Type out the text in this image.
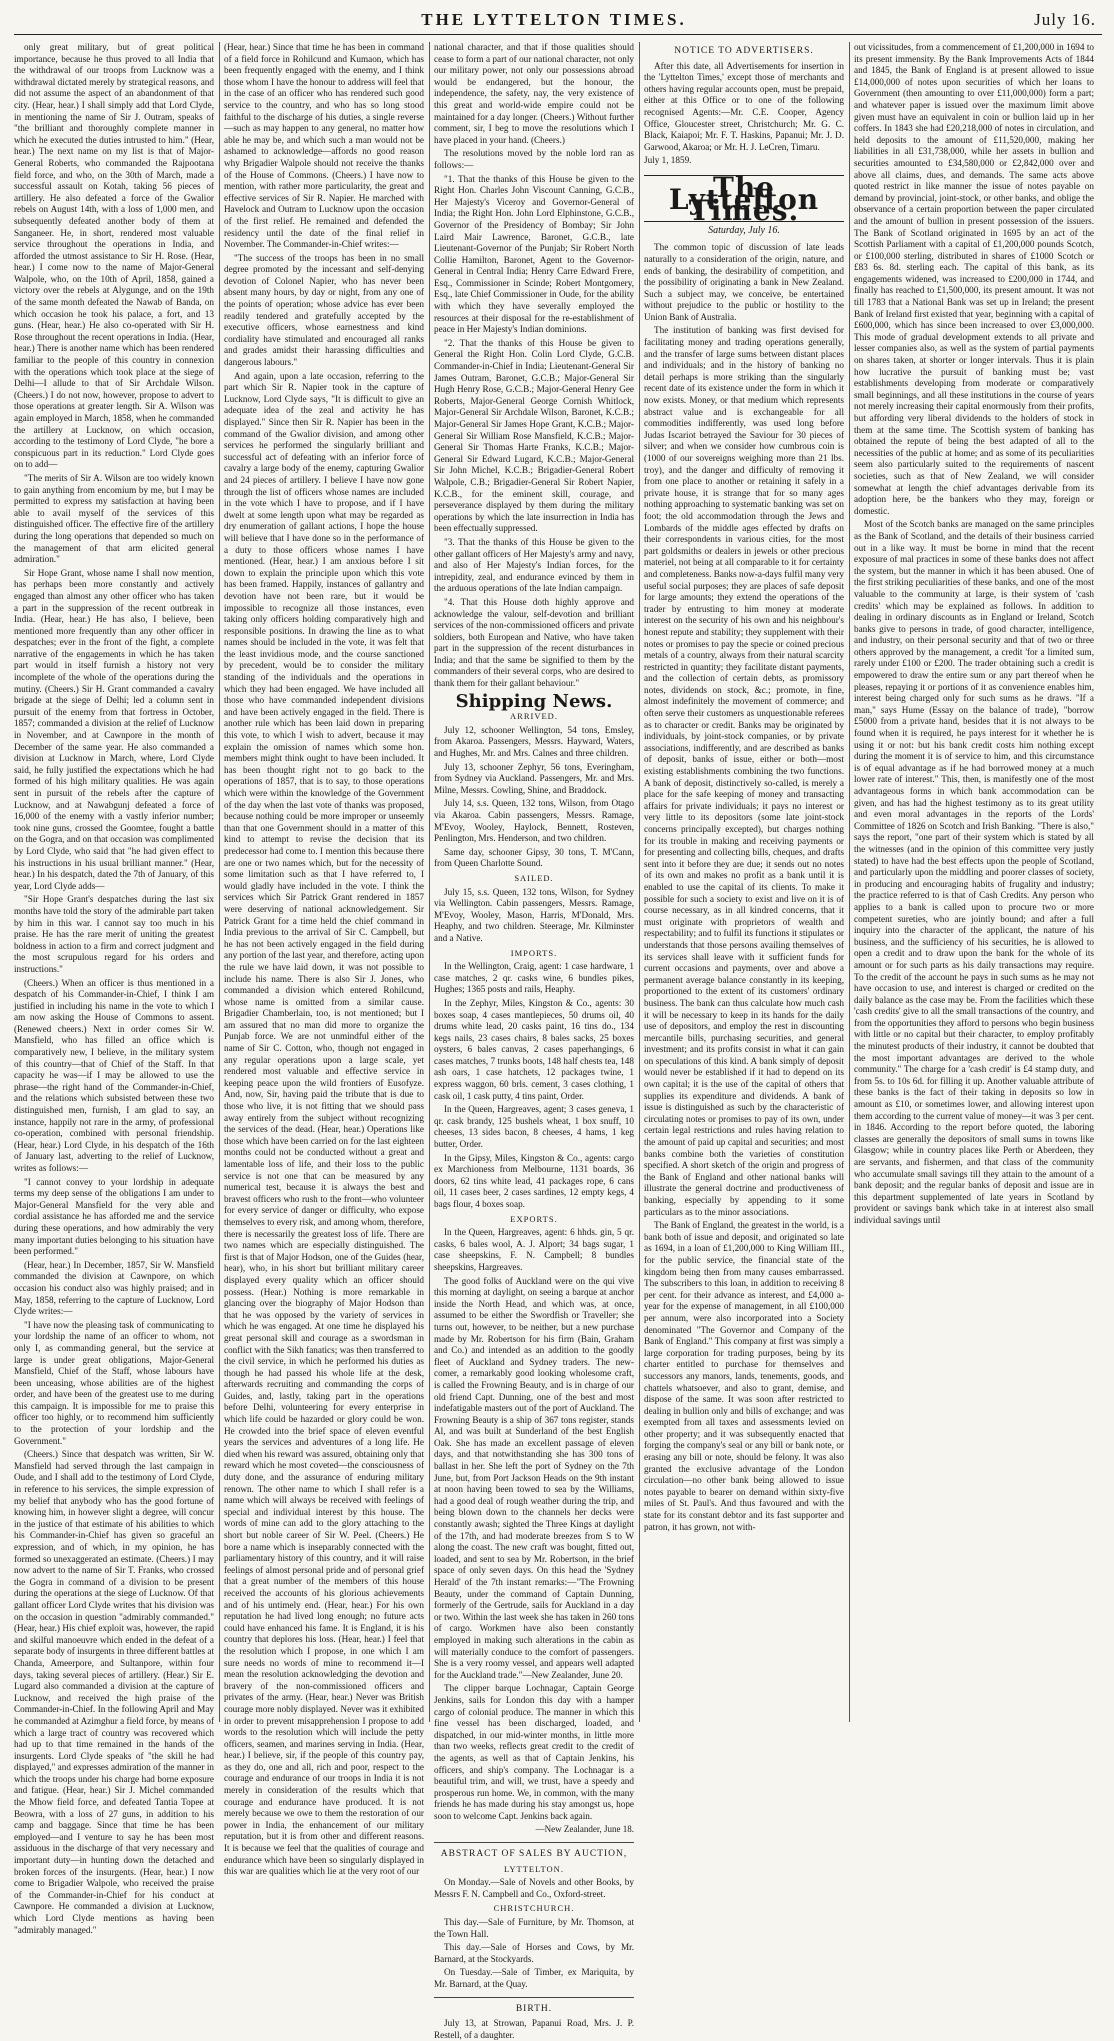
THE LYTTELTON TIMES.	July 16.

only great military, but of great political importance, because he thus proved to all India that the withdrawal of our troops from Lucknow was a withdrawal dictated merely by strategical reasons, and did not assume the aspect of an abandonment of that city. (Hear, hear.) I shall simply add that Lord Clyde, in mentioning the name of Sir J. Outram, speaks of "the brilliant and thoroughly complete manner in which he executed the duties intrusted to him." (Hear, hear.) The next name on my list is that of Major-General Roberts, who commanded the Rajpootana field force, and who, on the 30th of March, made a successful assault on Kotah, taking 56 pieces of artillery. He also defeated a force of the Gwalior rebels on August 14th, with a loss of 1,000 men, and subsequently defeated another body of them at Sanganeer. He, in short, rendered most valuable service throughout the operations in India, and afforded the utmost assistance to Sir H. Rose. (Hear, hear.) I come now to the name of Major-General Walpole, who, on the 10th of April, 1858, gained a victory over the rebels at Alygunge, and on the 19th of the same month defeated the Nawab of Banda, on which occasion he took his palace, a fort, and 13 guns. (Hear, hear.) He also co-operated with Sir H. Rose throughout the recent operations in India. (Hear, hear.) There is another name which has been rendered familiar to the people of this country in connexion with the operations which took place at the siege of Delhi—I allude to that of Sir Archdale Wilson. (Cheers.) I do not now, however, propose to advert to those operations at greater length. Sir A. Wilson was again employed in March, 1858, when he commanded the artillery at Lucknow, on which occasion, according to the testimony of Lord Clyde, "he bore a conspicuous part in its reduction." Lord Clyde goes on to add—

"The merits of Sir A. Wilson are too widely known to gain anything from encomium by me, but I may be permitted to express my satisfaction at having been able to avail myself of the services of this distinguished officer. The effective fire of the artillery during the long operations that depended so much on the management of that arm elicited general admiration."

Sir Hope Grant, whose name I shall now mention, has perhaps been more constantly and actively engaged than almost any other officer who has taken a part in the suppression of the recent outbreak in India. (Hear, hear.) He has also, I believe, been mentioned more frequently than any other officer in despatches; ever in the front of the fight, a complete narrative of the engagements in which he has taken part would in itself furnish a history not very incomplete of the whole of the operations during the mutiny. (Cheers.) Sir H. Grant commanded a cavalry brigade at the siege of Delhi; led a column sent in pursuit of the enemy from that fortress in October, 1857; commanded a division at the relief of Lucknow in November, and at Cawnpore in the month of December of the same year. He also commanded a division at Lucknow in March, where, Lord Clyde said, he fully justified the expectations which he had formed of his high military qualities. He was again sent in pursuit of the rebels after the capture of Lucknow, and at Nawabgunj defeated a force of 16,000 of the enemy with a vastly inferior number; took nine guns, crossed the Goomtee, fought a battle on the Gogra, and on that occasion was complimented by Lord Clyde, who said that "he had given effect to his instructions in his usual brilliant manner." (Hear, hear.) In his despatch, dated the 7th of January, of this year, Lord Clyde adds—

"Sir Hope Grant's despatches during the last six months have told the story of the admirable part taken by him in this war. I cannot say too much in his praise. He has the rare merit of uniting the greatest boldness in action to a firm and correct judgment and the most scrupulous regard for his orders and instructions."

(Cheers.) When an officer is thus mentioned in a despatch of his Commander-in-Chief, I think I am justified in including his name in the vote to which I am now asking the House of Commons to assent. (Renewed cheers.) Next in order comes Sir W. Mansfield, who has filled an office which is comparatively new, I believe, in the military system of this country—that of Chief of the Staff. In that capacity he was—if I may be allowed to use the phrase—the right hand of the Commander-in-Chief, and the relations which subsisted between these two distinguished men, furnish, I am glad to say, an instance, happily not rare in the army, of professional co-operation, combined with personal friendship. (Hear, hear.) Lord Clyde, in his despatch of the 16th of January last, adverting to the relief of Lucknow, writes as follows:—

"I cannot convey to your lordship in adequate terms my deep sense of the obligations I am under to Major-General Mansfield for the very able and cordial assistance he has afforded me and the service during these operations, and how admirably the very many important duties belonging to his situation have been performed."

(Hear, hear.) In December, 1857, Sir W. Mansfield commanded the division at Cawnpore, on which occasion his conduct also was highly praised; and in May, 1858, referring to the capture of Lucknow, Lord Clyde writes:—

"I have now the pleasing task of communicating to your lordship the name of an officer to whom, not only I, as commanding general, but the service at large is under great obligations, Major-General Mansfield, Chief of the Staff, whose labours have been unceasing, whose abilities are of the highest order, and have been of the greatest use to me during this campaign. It is impossible for me to praise this officer too highly, or to recommend him sufficiently to the protection of your lordship and the Government."

(Cheers.) Since that despatch was written, Sir W. Mansfield had served through the last campaign in Oude, and I shall add to the testimony of Lord Clyde, in reference to his services, the simple expression of my belief that anybody who has the good fortune of knowing him, in however slight a degree, will concur in the justice of that estimate of his abilities to which his Commander-in-Chief has given so graceful an expression, and of which, in my opinion, he has formed so unexaggerated an estimate. (Cheers.) I may now advert to the name of Sir T. Franks, who crossed the Gogra in command of a division to be present during the operations at the siege of Lucknow. Of that gallant officer Lord Clyde writes that his division was on the occasion in question "admirably commanded." (Hear, hear.) His chief exploit was, however, the rapid and skilful manoeuvre which ended in the defeat of a separate body of insurgents in three different battles at Chanda, Ameerpore, and Sultanpore, within four days, taking several pieces of artillery. (Hear.) Sir E. Lugard also commanded a division at the capture of Lucknow, and received the high praise of the Commander-in-Chief. In the following April and May he commanded at Azimghur a field force, by means of which a large tract of country was recovered which had up to that time remained in the hands of the insurgents. Lord Clyde speaks of "the skill he had displayed," and expresses admiration of the manner in which the troops under his charge had borne exposure and fatigue. (Hear, hear.) Sir J. Michel commanded the Mhow field force, and defeated Tantia Topee at Beowra, with a loss of 27 guns, in addition to his camp and baggage. Since that time he has been employed—and I venture to say he has been most assiduous in the discharge of that very necessary and important duty—in hunting down the detached and broken forces of the insurgents. (Hear, hear.) I now come to Brigadier Walpole, who received the praise of the Commander-in-Chief for his conduct at Cawnpore. He commanded a division at Lucknow, which Lord Clyde mentions as having been "admirably managed."

(Hear, hear.) Since that time he has been in command of a field force in Rohilcund and Kumaon, which has been frequently engaged with the enemy, and I think those whom I have the honour to address will feel that in the case of an officer who has rendered such good service to the country, and who has so long stood faithful to the discharge of his duties, a single reverse—such as may happen to any general, no matter how able he may be, and which such a man would not be ashamed to acknowledge—affords no good reason why Brigadier Walpole should not receive the thanks of the House of Commons. (Cheers.) I have now to mention, with rather more particularity, the great and effective services of Sir R. Napier. He marched with Havelock and Outram to Lucknow upon the occasion of the first relief. He remained and defended the residency until the date of the final relief in November. The Commander-in-Chief writes:—

"The success of the troops has been in no small degree promoted by the incessant and self-denying devotion of Colonel Napier, who has never been absent many hours, by day or night, from any one of the points of operation; whose advice has ever been readily tendered and gratefully accepted by the executive officers, whose earnestness and kind cordiality have stimulated and encouraged all ranks and grades amidst their harassing difficulties and dangerous labours."

And again, upon a late occasion, referring to the part which Sir R. Napier took in the capture of Lucknow, Lord Clyde says, "It is difficult to give an adequate idea of the zeal and activity he has displayed." Since then Sir R. Napier has been in the command of the Gwalior division, and among other services he performed the singularly brilliant and successful act of defeating with an inferior force of cavalry a large body of the enemy, capturing Gwalior and 24 pieces of artillery. I believe I have now gone through the list of officers whose names are included in the vote which I have to propose, and if I have dwelt at some length upon what may be regarded as dry enumeration of gallant actions, I hope the house will believe that I have done so in the performance of a duty to those officers whose names I have mentioned. (Hear, hear.) I am anxious before I sit down to explain the principle upon which this vote has been framed. Happily, instances of gallantry and devotion have not been rare, but it would be impossible to recognize all those instances, even taking only officers holding comparatively high and responsible positions. In drawing the line as to what names should be included in the vote, it was felt that the least invidious mode, and the course sanctioned by precedent, would be to consider the military standing of the individuals and the operations in which they had been engaged. We have included all those who have commanded independent divisions and have been actively engaged in the field. There is another rule which has been laid down in preparing this vote, to which I wish to advert, because it may explain the omission of names which some hon. members might think ought to have been included. It has been thought right not to go back to the operations of 1857, that is to say, to those operations which were within the knowledge of the Government of the day when the last vote of thanks was proposed, because nothing could be more improper or unseemly than that one Government should in a matter of this kind to attempt to revise the decision that its predecessor had come to. I mention this because there are one or two names which, but for the necessity of some limitation such as that I have referred to, I would gladly have included in the vote. I think the services which Sir Patrick Grant rendered in 1857 were deserving of national acknowledgement. Sir Patrick Grant for a time held the chief command in India previous to the arrival of Sir C. Campbell, but he has not been actively engaged in the field during any portion of the last year, and therefore, acting upon the rule we have laid down, it was not possible to include his name. There is also Sir J. Jones, who commanded a division which entered Rohilcund, whose name is omitted from a similar cause. Brigadier Chamberlain, too, is not mentioned; but I am assured that no man did more to organize the Punjab force. We are not unmindful either of the name of Sir C. Cotton, who, though not engaged in any regular operations upon a large scale, yet rendered most valuable and effective service in keeping peace upon the wild frontiers of Eusofyze. And, now, Sir, having paid the tribute that is due to those who live, it is not fitting that we should pass away entirely from the subject without recognizing the services of the dead. (Hear, hear.) Operations like those which have been carried on for the last eighteen months could not be conducted without a great and lamentable loss of life, and their loss to the public service is not one that can be measured by any numerical test, because it is always the best and bravest officers who rush to the front—who volunteer for every service of danger or difficulty, who expose themselves to every risk, and among whom, therefore, there is necessarily the greatest loss of life. There are two names which are especially distinguished. The first is that of Major Hodson, one of the Guides (hear, hear), who, in his short but brilliant military career displayed every quality which an officer should possess. (Hear.) Nothing is more remarkable in glancing over the biography of Major Hodson than that he was opposed by the variety of services in which he was engaged. At one time he displayed his great personal skill and courage as a swordsman in conflict with the Sikh fanatics; was then transferred to the civil service, in which he performed his duties as though he had passed his whole life at the desk, afterwards recruiting and commanding the corps of Guides, and, lastly, taking part in the operations before Delhi, volunteering for every enterprise in which life could be hazarded or glory could be won. He crowded into the brief space of eleven eventful years the services and adventures of a long life. He died when his reward was assured, obtaining only that reward which he most coveted—the consciousness of duty done, and the assurance of enduring military renown. The other name to which I shall refer is a name which will always be received with feelings of special and individual interest by this house. The words of mine can add to the glory attaching to the short but noble career of Sir W. Peel. (Cheers.) He bore a name which is inseparably connected with the parliamentary history of this country, and it will raise feelings of almost personal pride and of personal grief that a great number of the members of this house received the accounts of his glorious achievements and of his untimely end. (Hear, hear.) For his own reputation he had lived long enough; no future acts could have enhanced his fame. It is England, it is his country that deplores his loss. (Hear, hear.) I feel that the resolution which I propose, in one which I am sure needs no words of mine to recommend it—I mean the resolution acknowledging the devotion and bravery of the non-commissioned officers and privates of the army. (Hear, hear.) Never was British courage more nobly displayed. Never was it exhibited in order to prevent misapprehension I propose to add words to the resolution which will include the petty officers, seamen, and marines serving in India. (Hear, hear.) I believe, sir, if the people of this country pay, as they do, one and all, rich and poor, respect to the courage and endurance of our troops in India it is not merely in consideration of the results which that courage and endurance have produced. It is not merely because we owe to them the restoration of our power in India, the enhancement of our military reputation, but it is from other and different reasons. It is because we feel that the qualities of courage and endurance which have been so singularly displayed in this war are qualities which lie at the very root of our

national character, and that if those qualities should cease to form a part of our national character, not only our military power, not only our possessions abroad would be endangered, but the honour, the independence, the safety, nay, the very existence of this great and world-wide empire could not be maintained for a day longer. (Cheers.) Without further comment, sir, I beg to move the resolutions which I have placed in your hand. (Cheers.)

The resolutions moved by the noble lord ran as follows:—

"1. That the thanks of this House be given to the Right Hon. Charles John Viscount Canning, G.C.B., Her Majesty's Viceroy and Governor-General of India; the Right Hon. John Lord Elphinstone, G.C.B., Governor of the Presidency of Bombay; Sir John Laird Mair Lawrence, Baronet, G.C.B., late Lieutenant-Governor of the Punjab; Sir Robert North Collie Hamilton, Baronet, Agent to the Governor-General in Central India; Henry Carre Edward Frere, Esq., Commissioner in Scinde; Robert Montgomery, Esq., late Chief Commissioner in Oude, for the ability with which they have severally employed the resources at their disposal for the re-establishment of peace in Her Majesty's Indian dominions.

"2. That the thanks of this House be given to General the Right Hon. Colin Lord Clyde, G.C.B. Commander-in-Chief in India; Lieutenant-General Sir James Outram, Baronet, G.C.B.; Major-General Sir Hugh Henry Rose, G.C.B.; Major-General Henry Gee Roberts, Major-General George Cornish Whitlock, Major-General Sir Archdale Wilson, Baronet, K.C.B.; Major-General Sir James Hope Grant, K.C.B.; Major-General Sir William Rose Mansfield, K.C.B.; Major-General Sir Thomas Harte Franks, K.C.B.; Major-General Sir Edward Lugard, K.C.B.; Major-General Sir John Michel, K.C.B.; Brigadier-General Robert Walpole, C.B.; Brigadier-General Sir Robert Napier, K.C.B., for the eminent skill, courage, and perseverance displayed by them during the military operations by which the late insurrection in India has been effectually suppressed.

"3. That the thanks of this House be given to the other gallant officers of Her Majesty's army and navy, and also of Her Majesty's Indian forces, for the intrepidity, zeal, and endurance evinced by them in the arduous operations of the late Indian campaign.

"4. That this House doth highly approve and acknowledge the valour, self-devotion and brilliant services of the non-commissioned officers and private soldiers, both European and Native, who have taken part in the suppression of the recent disturbances in India; and that the same be signified to them by the commanders of their several corps, who are desired to thank them for their gallant behaviour."

Shipping News.
ARRIVED.

July 12, schooner Wellington, 54 tons, Emsley, from Akaroa. Passengers, Messrs. Hayward, Waters, and Hughes, Mr. and Mrs. Calnes and three children.

July 13, schooner Zephyr, 56 tons, Everingham, from Sydney via Auckland. Passengers, Mr. and Mrs. Milne, Messrs. Cowling, Shine, and Braddock.

July 14, s.s. Queen, 132 tons, Wilson, from Otago via Akaroa. Cabin passengers, Messrs. Ramage, M'Evoy, Wooley, Haylock, Bennett, Rosteven, Penlington, Mrs. Henderson, and two children.

Same day, schooner Gipsy, 30 tons, T. M'Cann, from Queen Charlotte Sound.

SAILED.

July 15, s.s. Queen, 132 tons, Wilson, for Sydney via Wellington. Cabin passengers, Messrs. Ramage, M'Evoy, Wooley, Mason, Harris, M'Donald, Mrs. Heaphy, and two children. Steerage, Mr. Kilminster and a Native.

IMPORTS.

In the Wellington, Craig, agent: 1 case hardware, 1 case matches, 2 qr. casks wine, 6 bundles pikes, Hughes; 1365 posts and rails, Heaphy.

In the Zephyr, Miles, Kingston & Co., agents: 30 boxes soap, 4 cases mantlepieces, 50 drums oil, 40 drums white lead, 20 casks paint, 16 tins do., 134 kegs nails, 23 cases chairs, 8 bales sacks, 25 boxes oysters, 6 bales canvas, 2 cases paperhangings, 6 cases matches, 7 trunks boots, 148 half chests tea, 148 ash oars, 1 case hatchets, 12 packages twine, 1 express waggon, 60 brls. cement, 3 cases clothing, 1 cask oil, 1 cask putty, 4 tins paint, Order.

In the Queen, Hargreaves, agent; 3 cases geneva, 1 qr. cask brandy, 125 bushels wheat, 1 box snuff, 10 cheeses, 13 sides bacon, 8 cheeses, 4 hams, 1 keg butter, Order.

In the Gipsy, Miles, Kingston & Co., agents: cargo ex Marchioness from Melbourne, 1131 boards, 36 doors, 62 tins white lead, 41 packages rope, 6 cans oil, 11 cases beer, 2 cases sardines, 12 empty kegs, 4 bags flour, 4 boxes soap.

EXPORTS.

In the Queen, Hargreaves, agent: 6 hhds. gin, 5 qr. casks, 6 bales wool, A. J. Alport; 34 bags sugar, 1 case sheepskins, F. N. Campbell; 8 bundles sheepskins, Hargreaves.

The good folks of Auckland were on the qui vive this morning at daylight, on seeing a barque at anchor inside the North Head, and which was, at once, assumed to be either the Swordfish or Traveller; she turns out, however, to be neither, but a new purchase made by Mr. Robertson for his firm (Bain, Graham and Co.) and intended as an addition to the goodly fleet of Auckland and Sydney traders. The new-comer, a remarkably good looking wholesome craft, is called the Frowning Beauty, and is in charge of our old friend Capt. Dunning, one of the best and most indefatigable masters out of the port of Auckland. The Frowning Beauty is a ship of 367 tons register, stands Al, and was built at Sunderland of the best English Oak. She has made an excellent passage of eleven days, and that notwithstanding she has 300 tons of ballast in her. She left the port of Sydney on the 7th June, but, from Port Jackson Heads on the 9th instant at noon having been towed to sea by the Williams, had a good deal of rough weather during the trip, and being blown down to the channels her decks were constantly awash; sighted the Three Kings at daylight of the 17th, and had moderate breezes from S to W along the coast. The new craft was bought, fitted out, loaded, and sent to sea by Mr. Robertson, in the brief space of only seven days. On this head the 'Sydney Herald' of the 7th instant remarks:—"The Frowning Beauty, under the command of Captain Dunning, formerly of the Gertrude, sails for Auckland in a day or two. Within the last week she has taken in 260 tons of cargo. Workmen have also been constantly employed in making such alterations in the cabin as will materially conduce to the comfort of passengers. She is a very roomy vessel, and appears well adapted for the Auckland trade."—New Zealander, June 20.

The clipper barque Lochnagar, Captain George Jenkins, sails for London this day with a hamper cargo of colonial produce. The manner in which this fine vessel has been discharged, loaded, and dispatched, in our mid-winter months, in little more than two weeks, reflects great credit to the credit of the agents, as well as that of Captain Jenkins, his officers, and ship's company. The Lochnagar is a beautiful trim, and will, we trust, have a speedy and prosperous run home. We, in common, with the many friends he has made during his stay amongst us, hope soon to welcome Capt. Jenkins back again.

—New Zealander, June 18.
ABSTRACT OF SALES BY AUCTION,
LYTTELTON.

On Monday.—Sale of Novels and other Books, by Messrs F. N. Campbell and Co., Oxford-street.

CHRISTCHURCH.

This day.—Sale of Furniture, by Mr. Thomson, at the Town Hall.

This day.—Sale of Horses and Cows, by Mr. Barnard, at the Stockyards.

On Tuesday.—Sale of Timber, ex Mariquita, by Mr. Barnard, at the Quay.

BIRTH.

July 13, at Strowan, Papanui Road, Mrs. J. P. Restell, of a daughter.

NOTICE TO ADVERTISERS.

After this date, all Advertisements for insertion in the 'Lyttelton Times,' except those of merchants and others having regular accounts open, must be prepaid, either at this Office or to one of the following recognised Agents:—Mr. C.E. Cooper, Agency Office, Gloucester street, Christchurch; Mr. G. C. Black, Kaiapoi; Mr. F. T. Haskins, Papanui; Mr. J. D. Garwood, Akaroa; or Mr. H. J. LeCren, Timaru.

July 1, 1859.

The Lyttelton Times.
Saturday, July 16.

The common topic of discussion of late leads naturally to a consideration of the origin, nature, and ends of banking, the desirability of competition, and the possibility of originating a bank in New Zealand. Such a subject may, we conceive, be entertained without prejudice to the public or hostility to the Union Bank of Australia.

The institution of banking was first devised for facilitating money and trading operations generally, and the transfer of large sums between distant places and individuals; and in the history of banking no detail perhaps is more striking than the singularly recent date of its existence under the form in which it now exists. Money, or that medium which represents abstract value and is exchangeable for all commodities indifferently, was used long before Judas Iscariot betrayed the Saviour for 30 pieces of silver; and when we consider how cumbrous coin is (1000 of our sovereigns weighing more than 21 lbs. troy), and the danger and difficulty of removing it from one place to another or retaining it safely in a private house, it is strange that for so many ages nothing approaching to systematic banking was set on foot; the old accommodation through the Jews and Lombards of the middle ages effected by drafts on their correspondents in various cities, for the most part goldsmiths or dealers in jewels or other precious materiel, not being at all comparable to it for certainty and completeness. Banks now-a-days fulfil many very useful social purposes; they are places of safe deposit for large amounts; they extend the operations of the trader by entrusting to him money at moderate interest on the security of his own and his neighbour's honest repute and stability; they supplement with their notes or promises to pay the specie or coined precious metals of a country, always from their natural scarcity restricted in quantity; they facilitate distant payments, and the collection of certain debts, as promissory notes, dividends on stock, &c.; promote, in fine, almost indefinitely the movement of commerce; and often serve their customers as unquestionable referees as to character or credit. Banks may be originated by individuals, by joint-stock companies, or by private associations, indifferently, and are described as banks of deposit, banks of issue, either or both—most existing establishments combining the two functions. A bank of deposit, distinctively so-called, is merely a place for the safe keeping of money and transacting affairs for private individuals; it pays no interest or very little to its depositors (some late joint-stock concerns principally excepted), but charges nothing for its trouble in making and receiving payments or for presenting and collecting bills, cheques, and drafts sent into it before they are due; it sends out no notes of its own and makes no profit as a bank until it is enabled to use the capital of its clients. To make it possible for such a society to exist and live on it is of course necessary, as in all kindred concerns, that it must originate with proprietors of wealth and respectability; and to fulfil its functions it stipulates or understands that those persons availing themselves of its services shall leave with it sufficient funds for current occasions and payments, over and above a permanent average balance constantly in its keeping, proportioned to the extent of its customers' ordinary business. The bank can thus calculate how much cash it will be necessary to keep in its hands for the daily use of depositors, and employ the rest in discounting mercantile bills, purchasing securities, and general investment; and its profits consist in what it can gain on speculations of this kind. A bank simply of deposit would never be established if it had to depend on its own capital; it is the use of the capital of others that supplies its expenditure and dividends. A bank of issue is distinguished as such by the characteristic of circulating notes or promises to pay of its own, under certain legal restrictions and rules having relation to the amount of paid up capital and securities; and most banks combine both the varieties of constitution specified. A short sketch of the origin and progress of the Bank of England and other national banks will illustrate the general doctrine and productiveness of banking, especially by appending to it some particulars as to the minor associations.

The Bank of England, the greatest in the world, is a bank both of issue and deposit, and originated so late as 1694, in a loan of £1,200,000 to King William III., for the public service, the financial state of the kingdom being then from many causes embarrassed. The subscribers to this loan, in addition to receiving 8 per cent. for their advance as interest, and £4,000 a-year for the expense of management, in all £100,000 per annum, were also incorporated into a Society denominated "The Governor and Company of the Bank of England." This company at first was simply a large corporation for trading purposes, being by its charter entitled to purchase for themselves and successors any manors, lands, tenements, goods, and chattels whatsoever, and also to grant, demise, and dispose of the same. It was soon after restricted to dealing in bullion only and bills of exchange; and was exempted from all taxes and assessments levied on other property; and it was subsequently enacted that forging the company's seal or any bill or bank note, or erasing any bill or note, should be felony. It was also granted the exclusive advantage of the London circulation—no other bank being allowed to issue notes payable to bearer on demand within sixty-five miles of St. Paul's. And thus favoured and with the state for its constant debtor and its fast supporter and patron, it has grown, not with-

out vicissitudes, from a commencement of £1,200,000 in 1694 to its present immensity. By the Bank Improvements Acts of 1844 and 1845, the Bank of England is at present allowed to issue £14,000,000 of notes upon securities of which her loans to Government (then amounting to over £11,000,000) form a part; and whatever paper is issued over the maximum limit above given must have an equivalent in coin or bullion laid up in her coffers. In 1843 she had £20,218,000 of notes in circulation, and held deposits to the amount of £11,520,000, making her liabilities in all £31,738,000, while her assets in bullion and securities amounted to £34,580,000 or £2,842,000 over and above all claims, dues, and demands. The same acts above quoted restrict in like manner the issue of notes payable on demand by provincial, joint-stock, or other banks, and oblige the observance of a certain proportion between the paper circulated and the amount of bullion in present possession of the issuers. The Bank of Scotland originated in 1695 by an act of the Scottish Parliament with a capital of £1,200,000 pounds Scotch, or £100,000 sterling, distributed in shares of £1000 Scotch or £83 6s. 8d. sterling each. The capital of this bank, as its engagements widened, was increased to £200,000 in 1744, and finally has reached to £1,500,000, its present amount. It was not till 1783 that a National Bank was set up in Ireland; the present Bank of Ireland first existed that year, beginning with a capital of £600,000, which has since been increased to over £3,000,000. This mode of gradual development extends to all private and lesser companies also, as well as the system of partial payments on shares taken, at shorter or longer intervals. Thus it is plain how lucrative the pursuit of banking must be; vast establishments developing from moderate or comparatively small beginnings, and all these institutions in the course of years not merely increasing their capital enormously from their profits, but affording very liberal dividends to the holders of stock in them at the same time. The Scottish system of banking has obtained the repute of being the best adapted of all to the necessities of the public at home; and as some of its peculiarities seem also particularly suited to the requirements of nascent societies, such as that of New Zealand, we will consider somewhat at length the chief advantages derivable from its adoption here, be the bankers who they may, foreign or domestic.

Most of the Scotch banks are managed on the same principles as the Bank of Scotland, and the details of their business carried out in a like way. It must be borne in mind that the recent exposure of mal practices in some of these banks does not affect the system, but the manner in which it has been abused. One of the first striking peculiarities of these banks, and one of the most valuable to the community at large, is their system of 'cash credits' which may be explained as follows. In addition to dealing in ordinary discounts as in England or Ireland, Scotch banks give to persons in trade, of good character, intelligence, and industry, on their personal security and that of two or three others approved by the management, a credit 'for a limited sum, rarely under £100 or £200. The trader obtaining such a credit is empowered to draw the entire sum or any part thereof when he pleases, repaying it or portions of it as convenience enables him, interest being charged only for such sums as he draws. "If a man," says Hume (Essay on the balance of trade), "borrow £5000 from a private hand, besides that it is not always to be found when it is required, he pays interest for it whether he is using it or not: but his bank credit costs him nothing except during the moment it is of service to him, and this circumstance is of equal advantage as if he had borrowed money at a much lower rate of interest." This, then, is manifestly one of the most advantageous forms in which bank accommodation can be given, and has had the highest testimony as to its great utility and even moral advantages in the reports of the Lords' Committee of 1826 on Scotch and Irish Banking. "There is also," says the report, "one part of their system which is stated by all the witnesses (and in the opinion of this committee very justly stated) to have had the best effects upon the people of Scotland, and particularly upon the middling and poorer classes of society, in producing and encouraging habits of frugality and industry; the practice referred to is that of Cash Credits. Any person who applies to a bank is called upon to procure two or more competent sureties, who are jointly bound; and after a full inquiry into the character of the applicant, the nature of his business, and the sufficiency of his securities, he is allowed to open a credit and to draw upon the bank for the whole of its amount or for such parts as his daily transactions may require. To the credit of the account he pays in such sums as he may not have occasion to use, and interest is charged or credited on the daily balance as the case may be. From the facilities which these 'cash credits' give to all the small transactions of the country, and from the opportunities they afford to persons who begin business with little or no capital but their character, to employ profitably the minutest products of their industry, it cannot be doubted that the most important advantages are derived to the whole community." The charge for a 'cash credit' is £4 stamp duty, and from 5s. to 10s 6d. for filling it up. Another valuable attribute of these banks is the fact of their taking in deposits so low in amount as £10, or sometimes lower, and allowing interest upon them according to the current value of money—it was 3 per cent. in 1846. According to the report before quoted, the laboring classes are generally the depositors of small sums in towns like Glasgow; while in country places like Perth or Aberdeen, they are servants, and fishermen, and that class of the community who accumulate small savings till they attain to the amount of a bank deposit; and the regular banks of deposit and issue are in this department supplemented of late years in Scotland by provident or savings bank which take in at interest also small individual savings until
